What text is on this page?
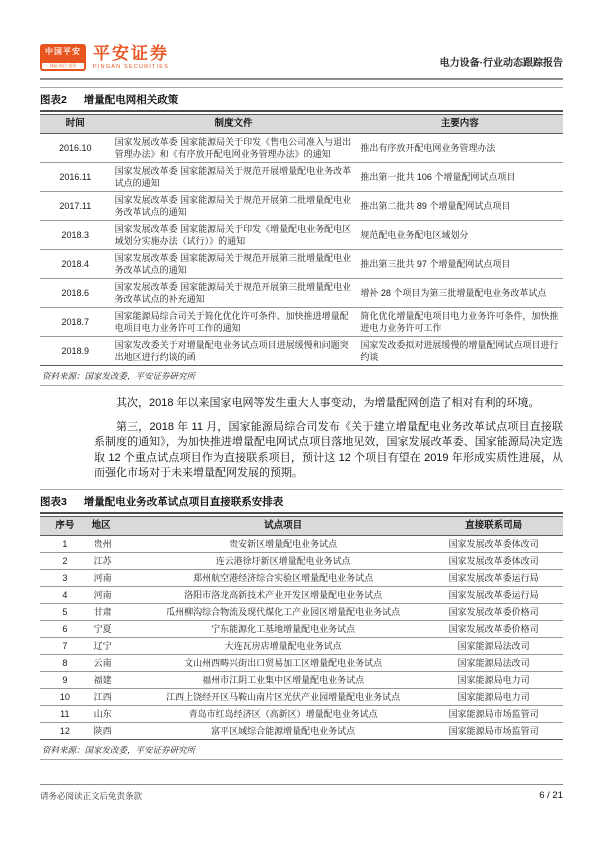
中国平安
保险·银行·投资
平安证券
PINGAN SECURITIES	电力设备·行业动态跟踪报告
图表2 增量配电网相关政策
时间	制度文件	主要内容
2016.10	国家发展改革委 国家能源局关于印发《售电公司准入与退出管理办法》和《有序放开配电网业务管理办法》的通知	推出有序放开配电网业务管理办法
2016.11	国家发展改革委 国家能源局关于规范开展增量配电业务改革试点的通知	推出第一批共 106 个增量配网试点项目
2017.11	国家发展改革委 国家能源局关于规范开展第二批增量配电业务改革试点的通知	推出第二批共 89 个增量配网试点项目
2018.3	国家发展改革委 国家能源局关于印发《增量配电业务配电区域划分实施办法（试行）》的通知	规范配电业务配电区域划分
2018.4	国家发展改革委 国家能源局关于规范开展第三批增量配电业务改革试点的通知	推出第三批共 97 个增量配网试点项目
2018.6	国家发展改革委 国家能源局关于规范开展第三批增量配电业务改革试点的补充通知	增补 28 个项目为第三批增量配电业务改革试点
2018.7	国家能源局综合司关于简化优化许可条件、加快推进增量配电项目电力业务许可工作的通知	简化优化增量配电项目电力业务许可条件，加快推进电力业务许可工作
2018.9	国家发改委关于对增量配电业务试点项目进展缓慢和问题突出地区进行约谈的函	国家发改委拟对进展缓慢的增量配网试点项目进行约谈
资料来源：国家发改委，平安证券研究所

其次，2018 年以来国家电网等发生重大人事变动，为增量配网创造了相对有利的环境。

第三，2018 年 11 月，国家能源局综合司发布《关于建立增量配电业务改革试点项目直接联系制度的通知》，为加快推进增量配电网试点项目落地见效，国家发展改革委、国家能源局决定选取 12 个重点试点项目作为直接联系项目，预计这 12 个项目有望在 2019 年形成实质性进展，从而强化市场对于未来增量配网发展的预期。

图表3 增量配电业务改革试点项目直接联系安排表
序号	地区	试点项目	直接联系司局
1	贵州	贵安新区增量配电业务试点	国家发展改革委体改司
2	江苏	连云港徐圩新区增量配电业务试点	国家发展改革委体改司
3	河南	郑州航空港经济综合实验区增量配电业务试点	国家发展改革委运行局
4	河南	洛阳市洛龙高新技术产业开发区增量配电业务试点	国家发展改革委运行局
5	甘肃	瓜州柳沟综合物流及现代煤化工产业园区增量配电业务试点	国家发展改革委价格司
6	宁夏	宁东能源化工基地增量配电业务试点	国家发展改革委价格司
7	辽宁	大连瓦房店增量配电业务试点	国家能源局法改司
8	云南	文山州西畴兴街出口贸易加工区增量配电业务试点	国家能源局法改司
9	福建	福州市江阴工业集中区增量配电业务试点	国家能源局电力司
10	江西	江西上饶经开区马鞍山南片区光伏产业园增量配电业务试点	国家能源局电力司
11	山东	青岛市红岛经济区（高新区）增量配电业务试点	国家能源局市场监管司
12	陕西	富平区域综合能源增量配电业务试点	国家能源局市场监管司
资料来源：国家发改委，平安证券研究所
请务必阅读正文后免责条款	6 / 21
